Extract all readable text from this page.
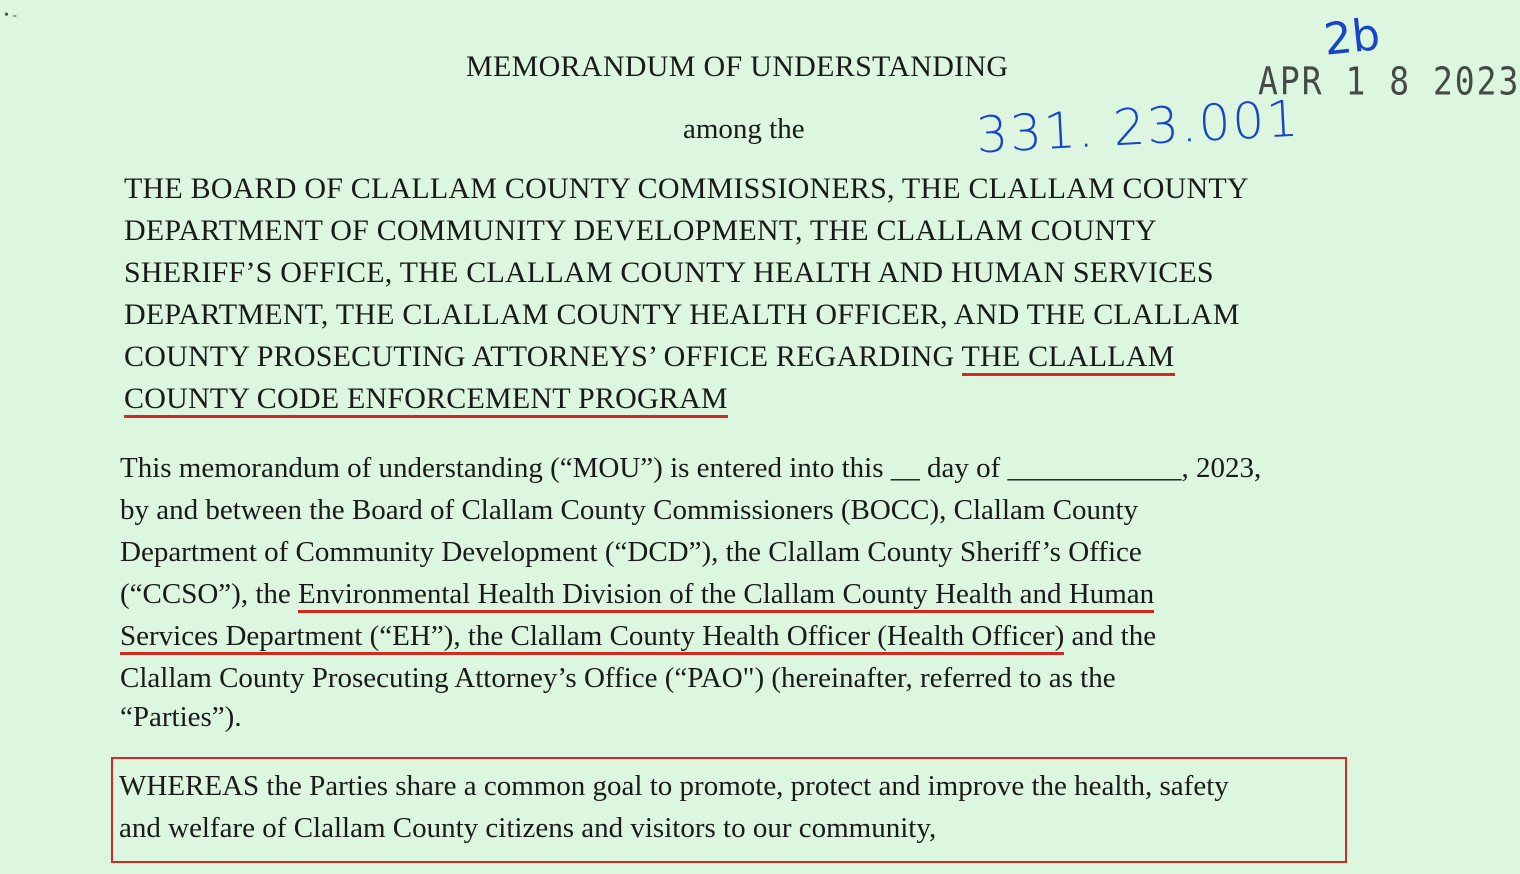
• -
MEMORANDUM OF UNDERSTANDING
among the	331. 23.001
2b
APR 1 8 2023
THE BOARD OF CLALLAM COUNTY COMMISSIONERS, THE CLALLAM COUNTY
DEPARTMENT OF COMMUNITY DEVELOPMENT, THE CLALLAM COUNTY
SHERIFF’S OFFICE, THE CLALLAM COUNTY HEALTH AND HUMAN SERVICES
DEPARTMENT, THE CLALLAM COUNTY HEALTH OFFICER, AND THE CLALLAM
COUNTY PROSECUTING ATTORNEYS’ OFFICE REGARDING THE CLALLAM
COUNTY CODE ENFORCEMENT PROGRAM
This memorandum of understanding (“MOU”) is entered into this __ day of ____________, 2023,
by and between the Board of Clallam County Commissioners (BOCC), Clallam County
Department of Community Development (“DCD”), the Clallam County Sheriff’s Office
(“CCSO”), the Environmental Health Division of the Clallam County Health and Human
Services Department (“EH”), the Clallam County Health Officer (Health Officer) and the
Clallam County Prosecuting Attorney’s Office (“PAO") (hereinafter, referred to as the
“Parties”).
WHEREAS the Parties share a common goal to promote, protect and improve the health, safety
and welfare of Clallam County citizens and visitors to our community,
